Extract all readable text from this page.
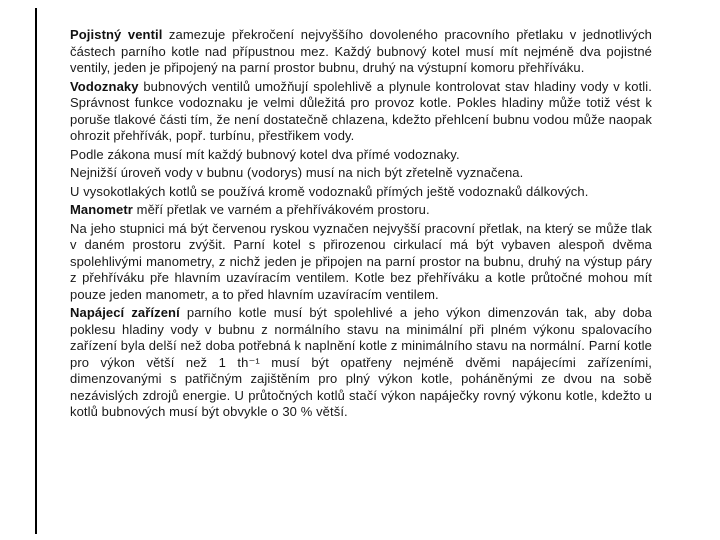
Pojistný ventil zamezuje překročení nejvyššího dovoleného pracovního přetlaku v jednotlivých částech parního kotle nad přípustnou mez. Každý bubnový kotel musí mít nejméně dva pojistné ventily, jeden je připojený na parní prostor bubnu, druhý na výstupní komoru přehříváku.

Vodoznaky bubnových ventilů umožňují spolehlivě a plynule kontrolovat stav hladiny vody v kotli. Správnost funkce vodoznaku je velmi důležitá pro provoz kotle. Pokles hladiny může totiž vést k poruše tlakové části tím, že není dostatečně chlazena, kdežto přehlcení bubnu vodou může naopak ohrozit přehřívák, popř. turbínu, přestřikem vody.

Podle zákona musí mít každý bubnový kotel dva přímé vodoznaky.

Nejnižší úroveň vody v bubnu (vodorys) musí na nich být zřetelně vyznačena.

U vysokotlakých kotlů se používá kromě vodoznaků přímých ještě vodoznaků dálkových.

Manometr měří přetlak ve varném a přehřívákovém prostoru.

Na jeho stupnici má být červenou ryskou vyznačen nejvyšší pracovní přetlak, na který se může tlak v daném prostoru zvýšit. Parní kotel s přirozenou cirkulací má být vybaven alespoň dvěma spolehlivými manometry, z nichž jeden je připojen na parní prostor na bubnu, druhý na výstup páry z přehříváku pře hlavním uzavíracím ventilem. Kotle bez přehříváku a kotle průtočné mohou mít pouze jeden manometr, a to před hlavním uzavíracím ventilem.

Napájecí zařízení parního kotle musí být spolehlivé a jeho výkon dimenzován tak, aby doba poklesu hladiny vody v bubnu z normálního stavu na minimální při plném výkonu spalovacího zařízení byla delší než doba potřebná k naplnění kotle z minimálního stavu na normální. Parní kotle pro výkon větší než 1 th⁻¹ musí být opatřeny nejméně dvěmi napájecími zařízeními, dimenzovanými s patřičným zajištěním pro plný výkon kotle, poháněnými ze dvou na sobě nezávislých zdrojů energie. U průtočných kotlů stačí výkon napáječky rovný výkonu kotle, kdežto u kotlů bubnových musí být obvykle o 30 % větší.
